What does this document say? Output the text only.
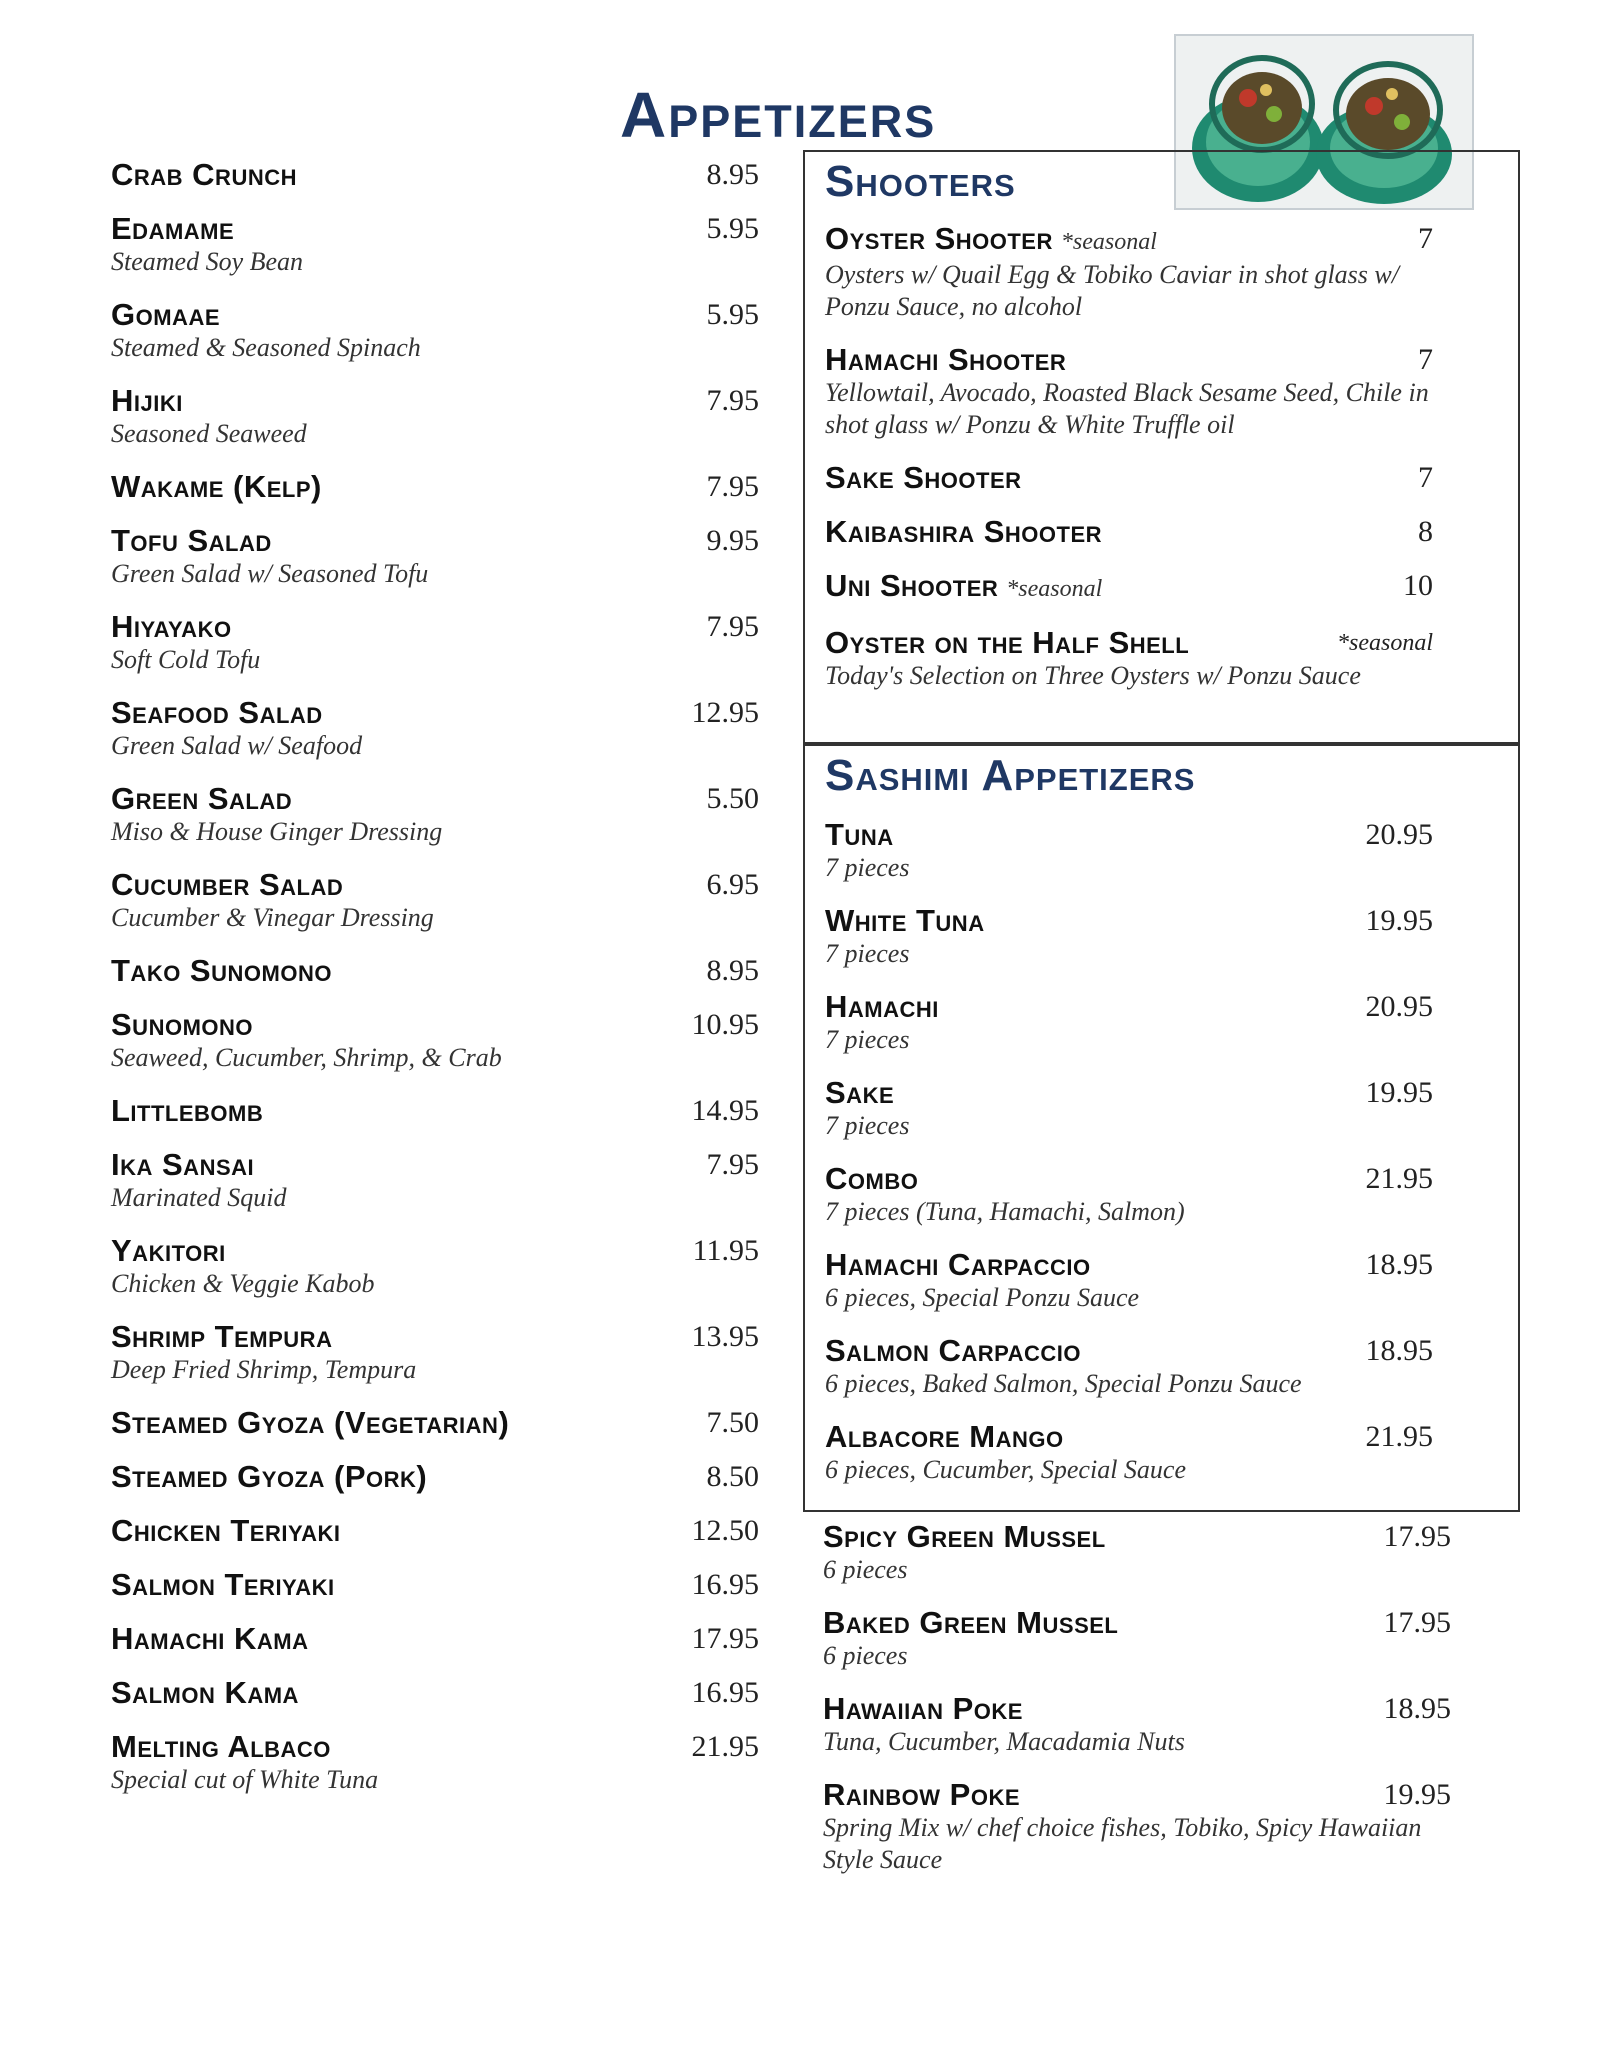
Appetizers
Crab Crunch	8.95
Edamame	5.95
Steamed Soy Bean
Gomaae	5.95
Steamed & Seasoned Spinach
Hijiki	7.95
Seasoned Seaweed
Wakame (Kelp)	7.95
Tofu Salad	9.95
Green Salad w/ Seasoned Tofu
Hiyayako	7.95
Soft Cold Tofu
Seafood Salad	12.95
Green Salad w/ Seafood
Green Salad	5.50
Miso & House Ginger Dressing
Cucumber Salad	6.95
Cucumber & Vinegar Dressing
Tako Sunomono	8.95
Sunomono	10.95
Seaweed, Cucumber, Shrimp, & Crab
Littlebomb	14.95
Ika Sansai	7.95
Marinated Squid
Yakitori	11.95
Chicken & Veggie Kabob
Shrimp Tempura	13.95
Deep Fried Shrimp, Tempura
Steamed Gyoza (Vegetarian)	7.50
Steamed Gyoza (Pork)	8.50
Chicken Teriyaki	12.50
Salmon Teriyaki	16.95
Hamachi Kama	17.95
Salmon Kama	16.95
Melting Albaco	21.95
Special cut of White Tuna
Shooters
Oyster Shooter *seasonal	7
Oysters w/ Quail Egg & Tobiko Caviar in shot glass w/ Ponzu Sauce, no alcohol
Hamachi Shooter	7
Yellowtail, Avocado, Roasted Black Sesame Seed, Chile in shot glass w/ Ponzu & White Truffle oil
Sake Shooter	7
Kaibashira Shooter	8
Uni Shooter *seasonal	10
Oyster on the Half Shell	*seasonal
Today's Selection on Three Oysters w/ Ponzu Sauce
Sashimi Appetizers
Tuna	20.95
7 pieces
White Tuna	19.95
7 pieces
Hamachi	20.95
7 pieces
Sake	19.95
7 pieces
Combo	21.95
7 pieces (Tuna, Hamachi, Salmon)
Hamachi Carpaccio	18.95
6 pieces, Special Ponzu Sauce
Salmon Carpaccio	18.95
6 pieces, Baked Salmon, Special Ponzu Sauce
Albacore Mango	21.95
6 pieces, Cucumber, Special Sauce
Spicy Green Mussel	17.95
6 pieces
Baked Green Mussel	17.95
6 pieces
Hawaiian Poke	18.95
Tuna, Cucumber, Macadamia Nuts
Rainbow Poke	19.95
Spring Mix w/ chef choice fishes, Tobiko, Spicy Hawaiian Style Sauce
